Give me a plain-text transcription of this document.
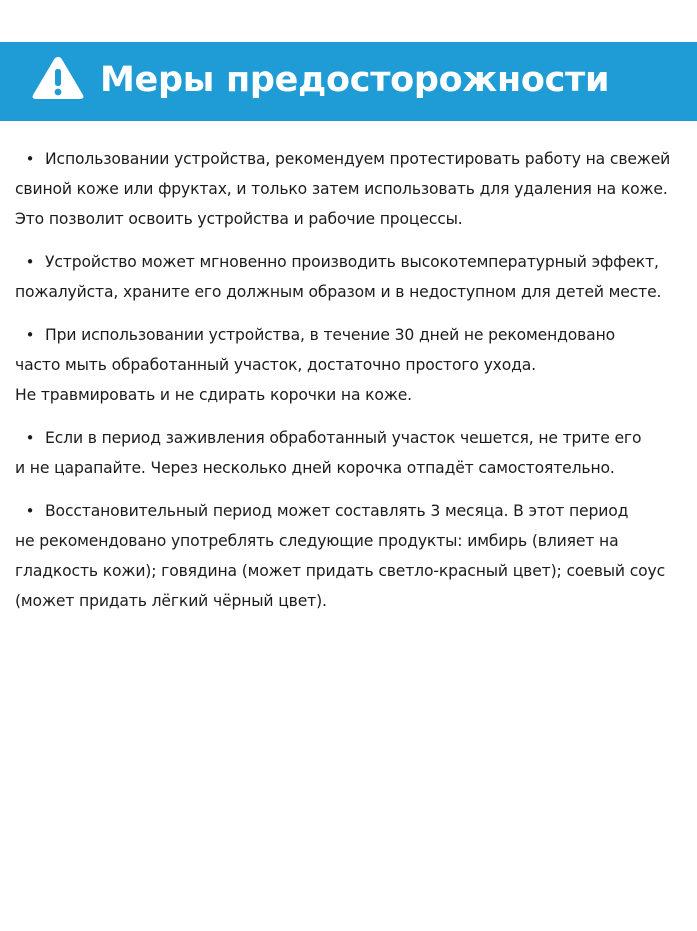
Меры предосторожности
• Использовании устройства, рекомендуем протестировать работу на свежей
свиной коже или фруктах, и только затем использовать для удаления на коже.
Это позволит освоить устройства и рабочие процессы.
• Устройство может мгновенно производить высокотемпературный эффект,
пожалуйста, храните его должным образом и в недоступном для детей месте.
• При использовании устройства, в течение 30 дней не рекомендовано
часто мыть обработанный участок, достаточно простого ухода.
Не травмировать и не сдирать корочки на коже.
• Если в период заживления обработанный участок чешется, не трите его
и не царапайте. Через несколько дней корочка отпадёт самостоятельно.
• Восстановительный период может составлять 3 месяца. В этот период
не рекомендовано употреблять следующие продукты: имбирь (влияет на
гладкость кожи); говядина (может придать светло-красный цвет); соевый соус
(может придать лёгкий чёрный цвет).
